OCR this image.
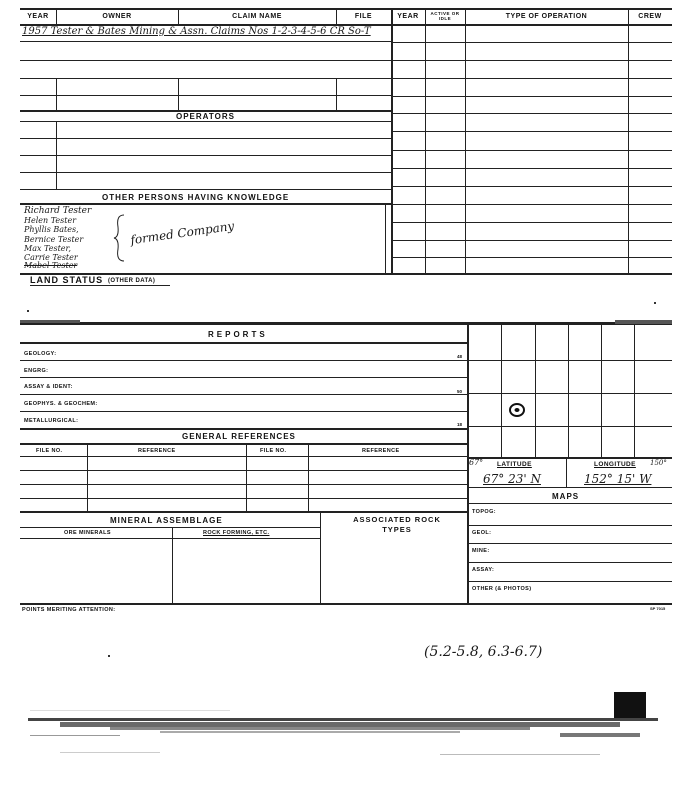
YEAR	OWNER	CLAIM NAME	FILE	YEAR	ACTIVE OR IDLE	TYPE OF OPERATION	CREW
1957 Tester & Bates Mining & Assn. Claims Nos 1-2-3-4-5-6 CR So-T
OPERATORS
OTHER PERSONS HAVING KNOWLEDGE
Richard Tester
Helen Tester
Phyllis Bates,
Bernice Tester
Max Tester,
Carrie Tester
Mabel Tester
formed Company
LAND STATUS (OTHER DATA)
REPORTS
GEOLOGY:
ENGRG:
ASSAY & IDENT:
GEOPHYS. & GEOCHEM:
METALLURGICAL:
48
50
18
67° LATITUDE	LONGITUDE 150°
67° 23' N	152° 15' W
MAPS
TOPOG:
GEOL:
MINE:
ASSAY:
OTHER (& PHOTOS)
GENERAL REFERENCES
FILE NO.	REFERENCE	FILE NO.	REFERENCE
MINERAL ASSEMBLAGE	ASSOCIATED ROCK TYPES
ORE MINERALS	ROCK FORMING, ETC.
POINTS MERITING ATTENTION:	SP 7015
(5.2-5.8, 6.3-6.7)
